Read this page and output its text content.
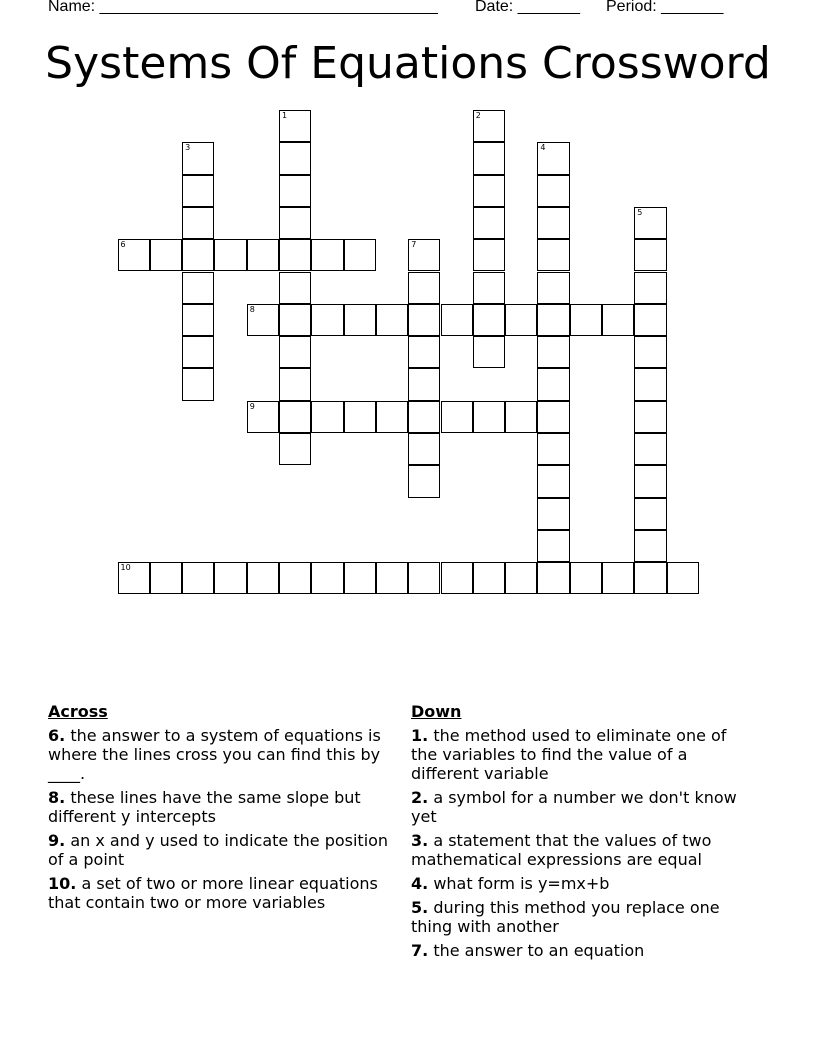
Name: ______________________________________ Date: _______ Period: _______
Systems Of Equations Crossword
1	2
3	4
5
6	7
8
9
10
Across
6. the answer to a system of equations is where the lines cross you can find this by ____.
8. these lines have the same slope but different y intercepts
9. an x and y used to indicate the position of a point
10. a set of two or more linear equations that contain two or more variables
Down
1. the method used to eliminate one of the variables to find the value of a different variable
2. a symbol for a number we don't know yet
3. a statement that the values of two mathematical expressions are equal
4. what form is y=mx+b
5. during this method you replace one thing with another
7. the answer to an equation
